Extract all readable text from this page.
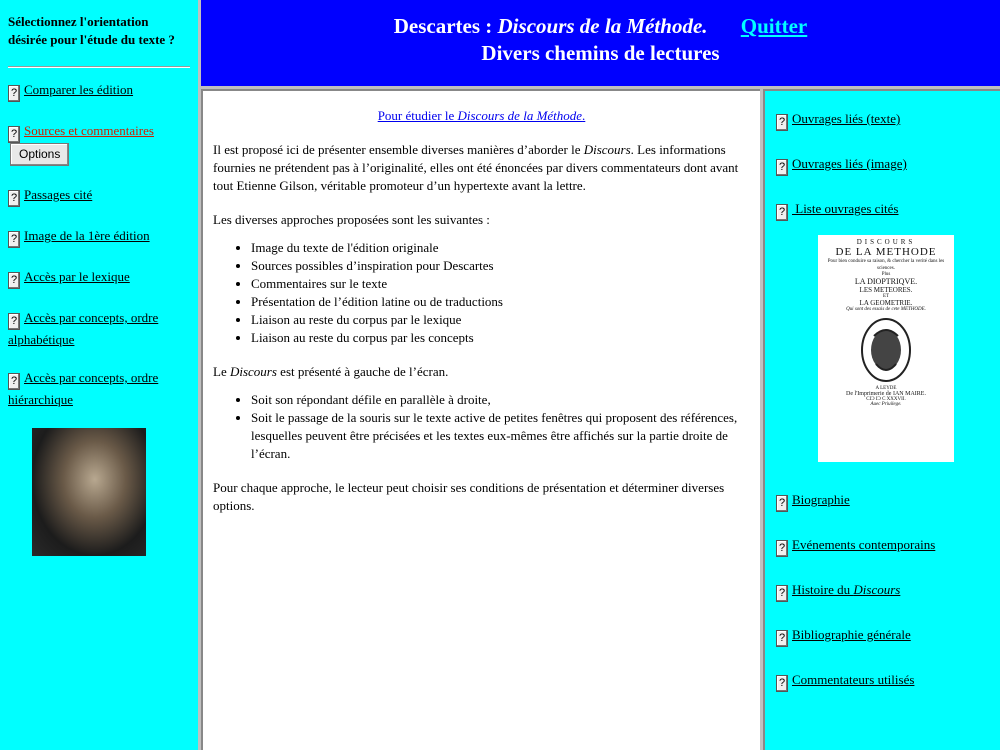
Sélectionnez l'orientation désirée pour l'étude du texte ?
? Comparer les édition
? Sources et commentaires Options
? Passages cité
? Image de la 1ère édition
? Accès par le lexique
? Accès par concepts, ordre alphabétique
? Accès par concepts, ordre hiérarchique
Descartes : Discours de la Méthode. Quitter
Divers chemins de lectures

Pour étudier le Discours de la Méthode.

Il est proposé ici de présenter ensemble diverses manières d’aborder le Discours. Les informations fournies ne prétendent pas à l’originalité, elles ont été énoncées par divers commentateurs dont avant tout Etienne Gilson, véritable promoteur d’un hypertexte avant la lettre.

Les diverses approches proposées sont les suivantes :

• Image du texte de l'édition originale
• Sources possibles d’inspiration pour Descartes
• Commentaires sur le texte
• Présentation de l’édition latine ou de traductions
• Liaison au reste du corpus par le lexique
• Liaison au reste du corpus par les concepts

Le Discours est présenté à gauche de l’écran.

• Soit son répondant défile en parallèle à droite,
• Soit le passage de la souris sur le texte active de petites fenêtres qui proposent des références, lesquelles peuvent être précisées et les textes eux-mêmes être affichés sur la partie droite de l’écran.

Pour chaque approche, le lecteur peut choisir ses conditions de présentation et déterminer diverses options.

? Ouvrages liés (texte)
? Ouvrages liés (image)
? Liste ouvrages cités
DISCOURS
DE LA METHODE
Pour bien conduire sa raison, & chercher la verité dans les sciences.
Plus
LA DIOPTRIQVE.
LES METEORES.
ET
LA GEOMETRIE.
Qui sont des essais de cete METHODE.
A LEYDE
De l'Imprimerie de IAN MAIRE.
CIƆ IƆ C XXXVII.
Auec Priuilege.
? Biographie
? Evénements contemporains
? Histoire du Discours
? Bibliographie générale
? Commentateurs utilisés
